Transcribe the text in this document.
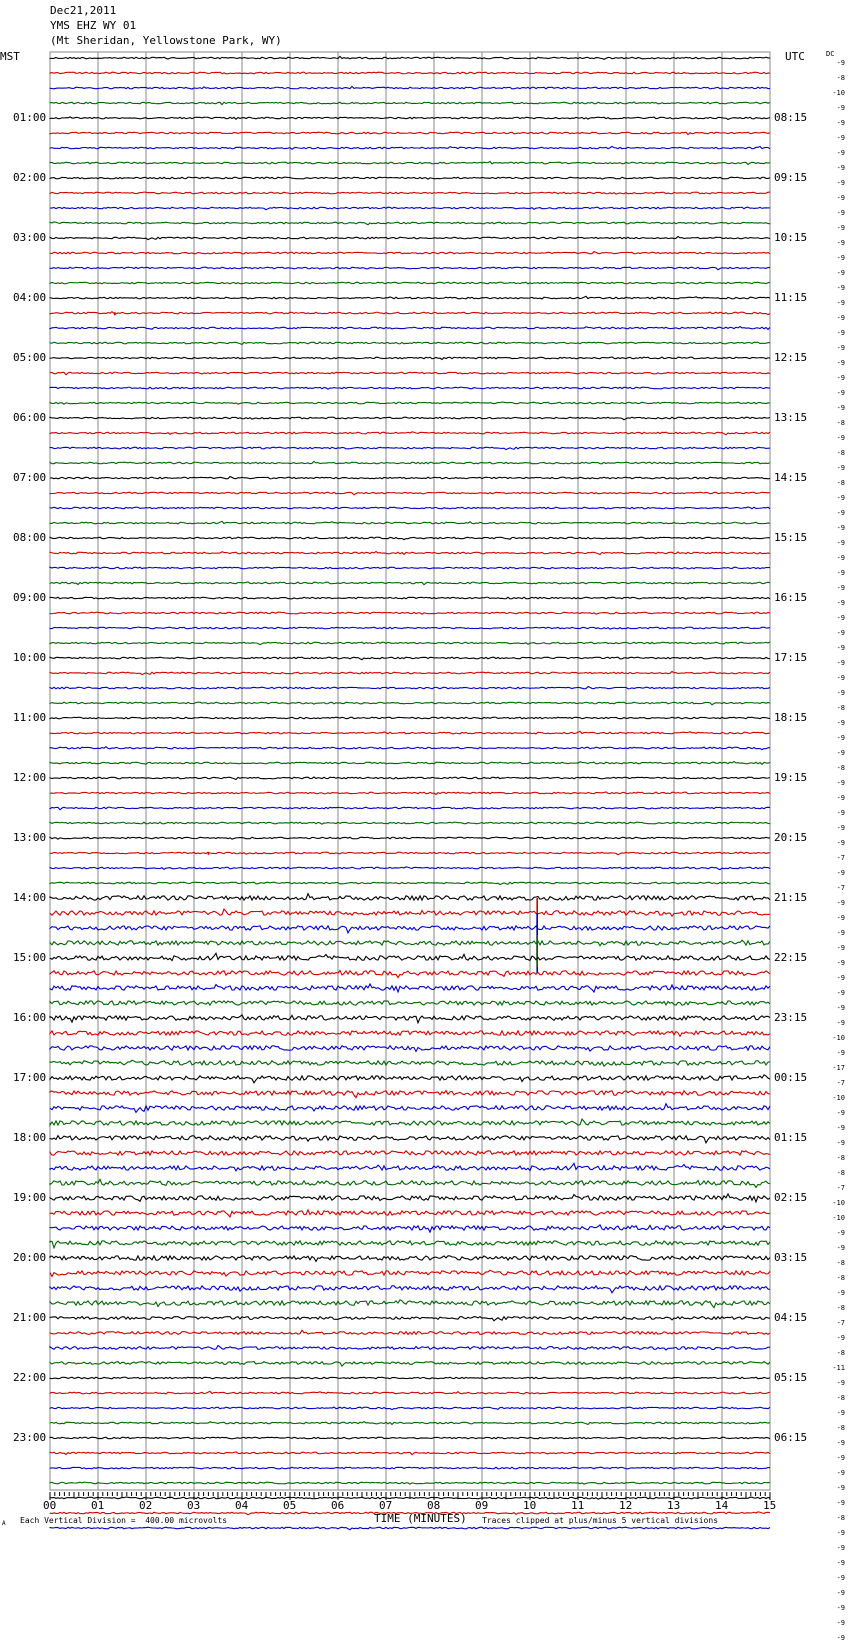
Dec21,2011
YMS EHZ WY 01
(Mt Sheridan, Yellowstone Park, WY)
MST	UTC	DC
01:00
02:00
03:00
04:00
05:00
06:00
07:00
08:00
09:00
10:00
11:00
12:00
13:00
14:00
15:00
16:00
17:00
18:00
19:00
20:00
21:00
22:00
23:00
08:15
09:15
10:15
11:15
12:15
13:15
14:15
15:15
16:15
17:15
18:15
19:15
20:15
21:15
22:15
23:15
00:15
01:15
02:15
03:15
04:15
05:15
06:15
-9
-8
-10
-9
-9
-9
-9
-9
-9
-9
-9
-9
-9
-9
-9
-9
-9
-9
-9
-9
-9
-9
-9
-9
-8
-9
-8
-9
-8
-9
-9
-9
-9
-9
-9
-9
-9
-9
-9
-9
-9
-9
-9
-8
-9
-9
-9
-8
-9
-9
-9
-9
-9
-7
-9
-7
-9
-9
-9
-9
-9
-9
-9
-9
-9
-10
-9
-17
-7
-10
-9
-9
-9
-8
-8
-7
-10
-10
-9
-9
-8
-8
-9
-8
-7
-9
-8
-11
-9
-8
-9
-8
-9
-9
-9
-9
-9
-8
-9
-9
-9
-9
-9
-9
-9
-9
00	01	02	03	04	05	06	07	08	09	10	11	12	13	14	15
Each Vertical Division =  400.00 microvolts	Traces clipped at plus/minus 5 vertical divisions
A	TIME (MINUTES)
